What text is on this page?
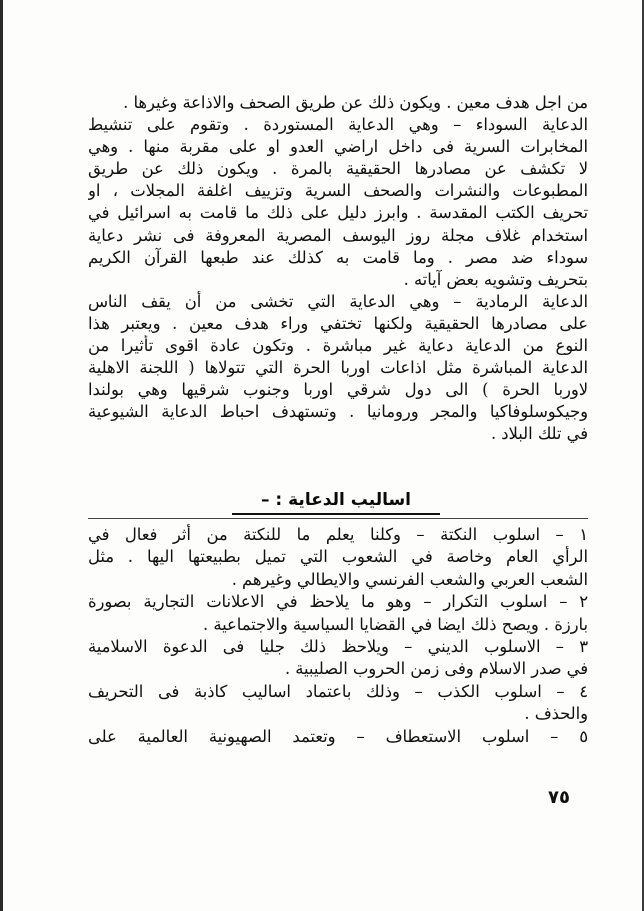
من اجل هدف معين . ويكون ذلك عن طريق الصحف والاذاعة وغيرها .
الدعاية السوداء – وهي الدعاية المستوردة . وتقوم على تنشيط
المخابرات السرية فى داخل اراضي العدو او على مقربة منها . وهي
لا تكشف عن مصادرها الحقيقية بالمرة . ويكون ذلك عن طريق
المطبوعات والنشرات والصحف السرية وتزييف اغلفة المجلات ، او
تحريف الكتب المقدسة . وابرز دليل على ذلك ما قامت به اسرائيل في
استخدام غلاف مجلة روز اليوسف المصرية المعروفة فى نشر دعاية
سوداء ضد مصر . وما قامت به كذلك عند طبعها القرآن الكريم
بتحريف وتشويه بعض آياته .
الدعاية الرمادية – وهي الدعاية التي تخشى من أن يقف الناس
على مصادرها الحقيقية ولكنها تختفي وراء هدف معين . ويعتبر هذا
النوع من الدعاية دعاية غير مباشرة . وتكون عادة اقوى تأثيرا من
الدعاية المباشرة مثل اذاعات اوربا الحرة التي تتولاها ( اللجنة الاهلية
لاوربا الحرة ) الى دول شرقي اوربا وجنوب شرقيها وهي بولندا
وجيكوسلوفاكيا والمجر ورومانيا . وتستهدف احباط الدعاية الشيوعية
في تلك البلاد .
اساليب الدعاية : –
١ – اسلوب النكتة – وكلنا يعلم ما للنكتة من أثر فعال في
الرأي العام وخاصة في الشعوب التي تميل بطبيعتها اليها . مثل
الشعب العربي والشعب الفرنسي والايطالي وغيرهم .
٢ – اسلوب التكرار – وهو ما يلاحظ في الاعلانات التجارية بصورة
بارزة . ويصح ذلك ايضا في القضايا السياسية والاجتماعية .
٣ – الاسلوب الديني – ويلاحظ ذلك جليا فى الدعوة الاسلامية
في صدر الاسلام وفى زمن الحروب الصليبية .
٤ – اسلوب الكذب – وذلك باعتماد اساليب كاذبة فى التحريف
والحذف .
٥ – اسلوب الاستعطاف – وتعتمد الصهيونية العالمية على
٧٥
